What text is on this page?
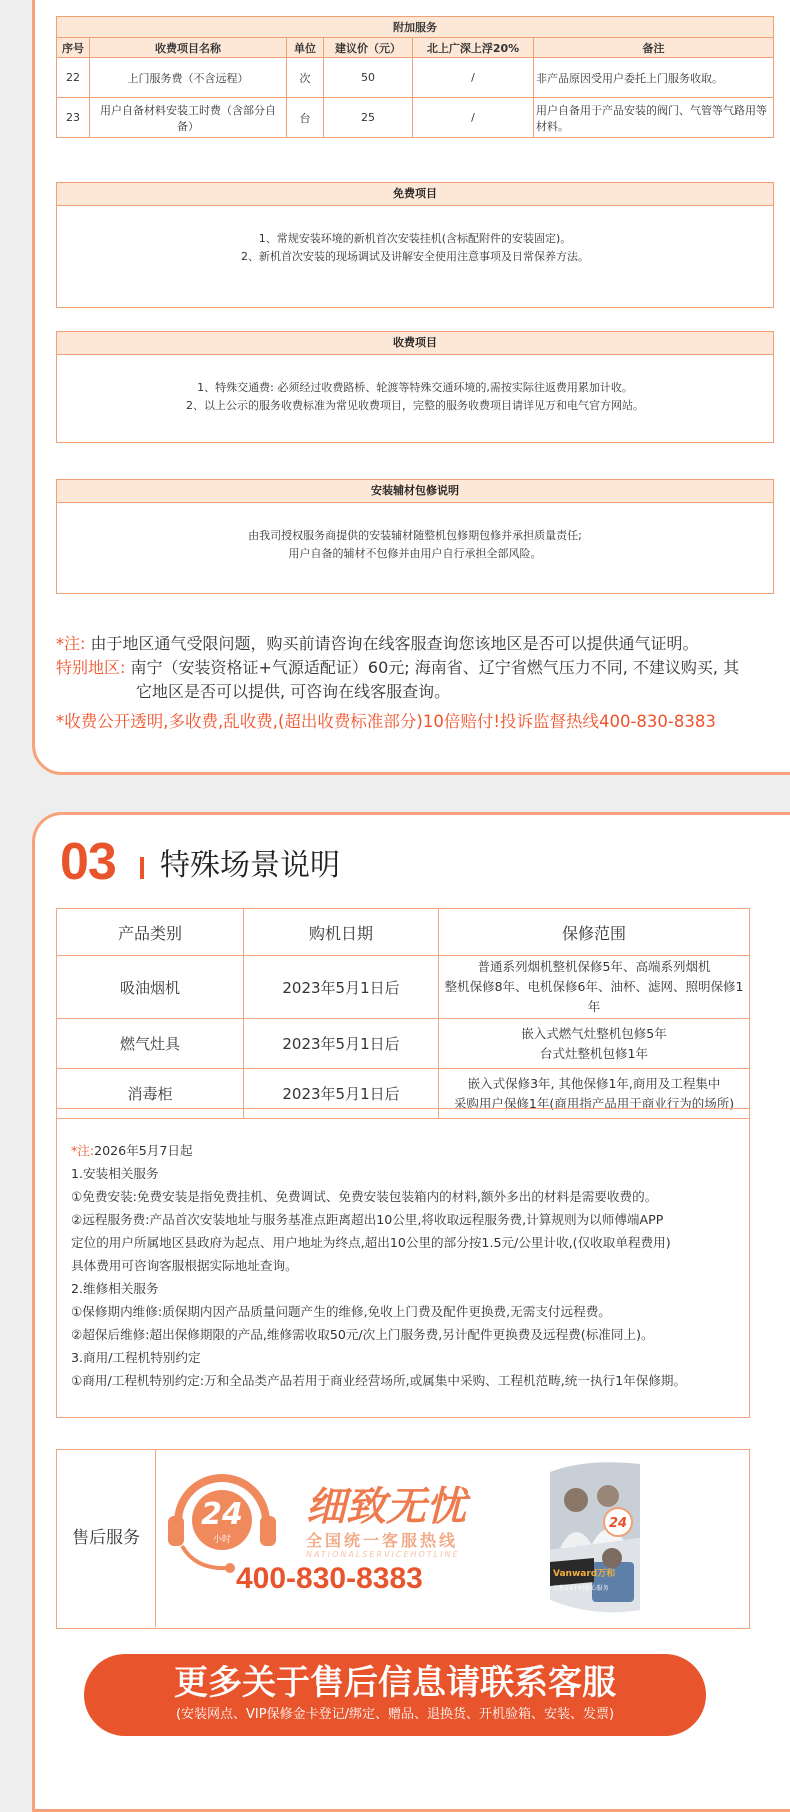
附加服务					
序号	收费项目名称	单位	建议价（元）	北上广深上浮20%	备注
22	上门服务费（不含远程）	次	50	/	非产品原因受用户委托上门服务收取。
23	用户自备材料安装工时费（含部分自备）	台	25	/	用户自备用于产品安装的阀门、气管等气路用等材料。
免费项目
1、常规安装环境的新机首次安装挂机(含标配附件的安装固定)。
2、新机首次安装的现场调试及讲解安全使用注意事项及日常保养方法。
收费项目
1、特殊交通费: 必须经过收费路桥、轮渡等特殊交通环境的,需按实际往返费用累加计收。
2、以上公示的服务收费标准为常见收费项目，完整的服务收费项目请详见万和电气官方网站。
安装辅材包修说明
由我司授权服务商提供的安装辅材随整机包修期包修并承担质量责任;
用户自备的辅材不包修并由用户自行承担全部风险。
*注: 由于地区通气受限问题，购买前请咨询在线客服查询您该地区是否可以提供通气证明。
特别地区: 南宁（安装资格证+气源适配证）60元; 海南省、辽宁省燃气压力不同, 不建议购买, 其
它地区是否可以提供, 可咨询在线客服查询。
*收费公开透明,多收费,乱收费,(超出收费标准部分)10倍赔付!投诉监督热线400-830-8383
03 特殊场景说明
产品类别	购机日期	保修范围
吸油烟机	2023年5月1日后	普通系列烟机整机保修5年、高端系列烟机
整机保修8年、电机保修6年、油杯、滤网、照明保修1年

燃气灶具	2023年5月1日后	嵌入式燃气灶整机包修5年
台式灶整机包修1年

消毒柜	2023年5月1日后	嵌入式保修3年, 其他保修1年,商用及工程集中
采购用户保修1年(商用指产品用于商业行为的场所)
*注:2026年5月7日起
1.安装相关服务
①免费安装:免费安装是指免费挂机、免费调试、免费安装包装箱内的材料,额外多出的材料是需要收费的。
②远程服务费:产品首次安装地址与服务基准点距离超出10公里,将收取远程服务费,计算规则为以师傅端APP
定位的用户所属地区县政府为起点、用户地址为终点,超出10公里的部分按1.5元/公里计收,(仅收取单程费用)
具体费用可咨询客服根据实际地址查询。
2.维修相关服务
①保修期内维修:质保期内因产品质量问题产生的维修,免收上门费及配件更换费,无需支付远程费。
②超保后维修:超出保修期限的产品,维修需收取50元/次上门服务费,另计配件更换费及远程费(标准同上)。
3.商用/工程机特别约定
①商用/工程机特别约定:万和全品类产品若用于商业经营场所,或属集中采购、工程机范畴,统一执行1年保修期。
售后服务
24
小时
细致无忧
全国统一客服热线
NATIONALSERVICEHOTLINE
400-830-8383
24
Vanward万和
万和24小时贴心服务
更多关于售后信息请联系客服
(安装网点、VIP保修金卡登记/绑定、赠品、退换货、开机验箱、安装、发票)
